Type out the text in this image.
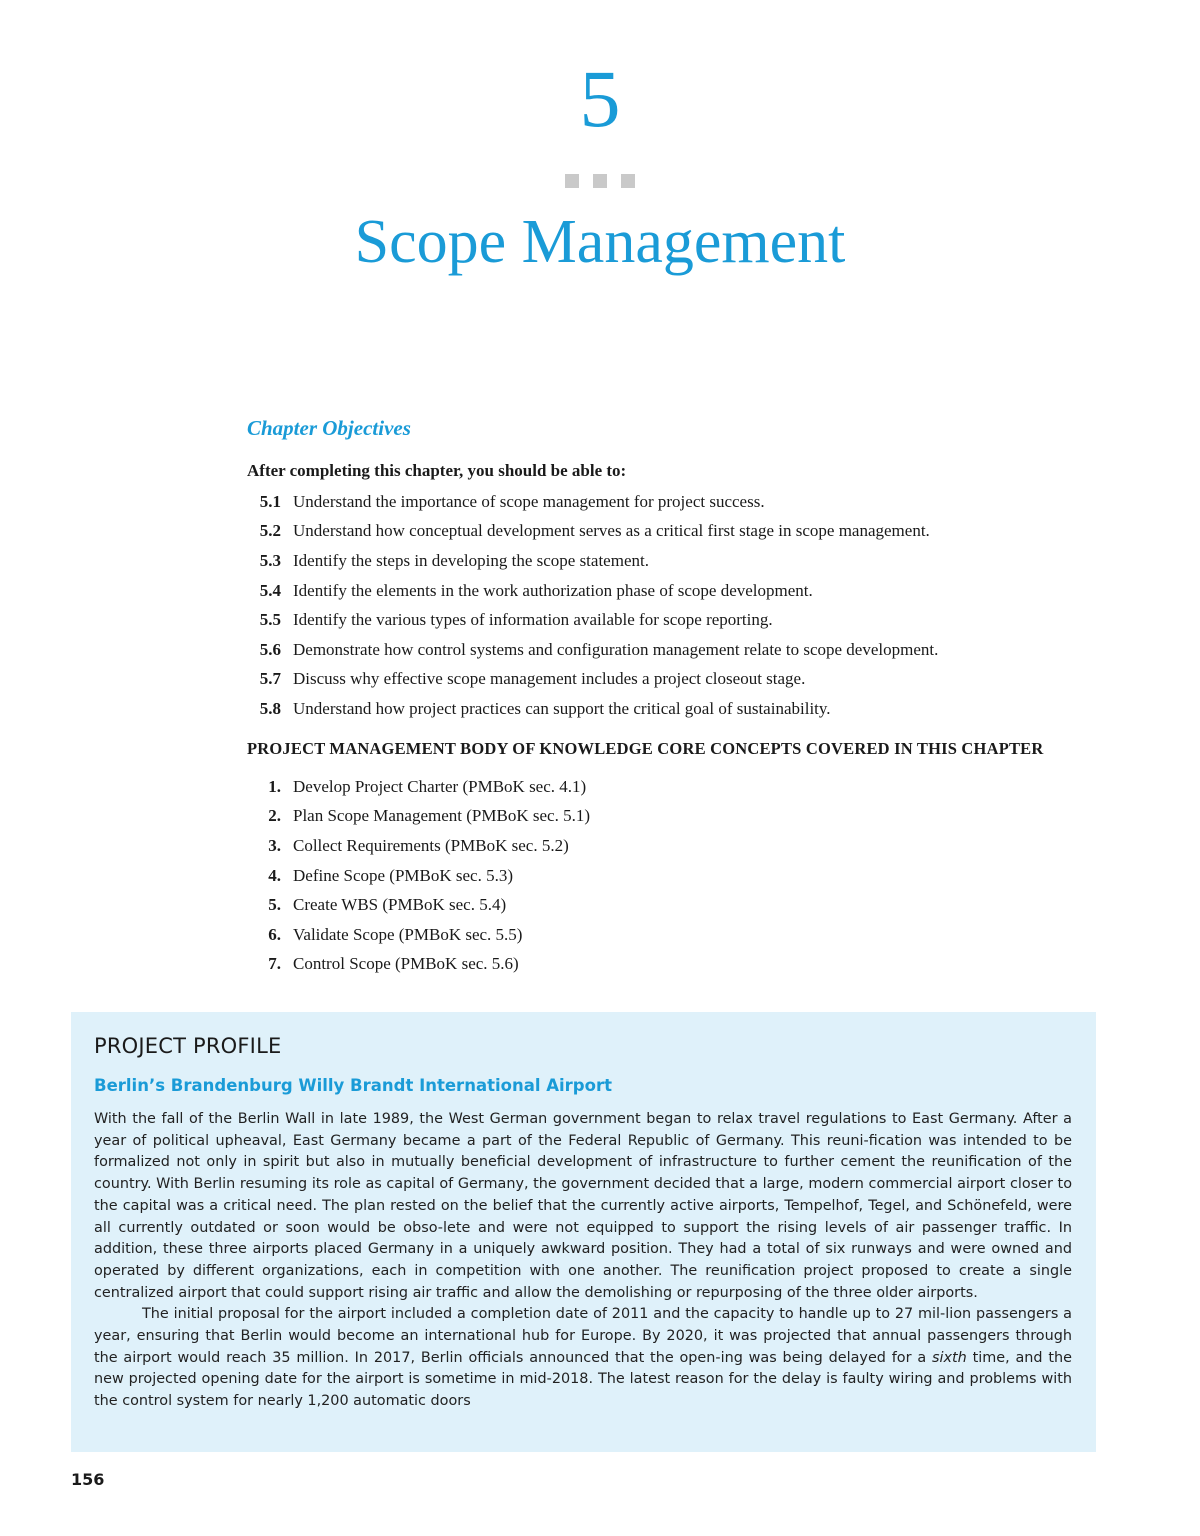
5
Scope Management
Chapter Objectives
After completing this chapter, you should be able to:
5.1 Understand the importance of scope management for project success.
5.2 Understand how conceptual development serves as a critical first stage in scope management.
5.3 Identify the steps in developing the scope statement.
5.4 Identify the elements in the work authorization phase of scope development.
5.5 Identify the various types of information available for scope reporting.
5.6 Demonstrate how control systems and configuration management relate to scope development.
5.7 Discuss why effective scope management includes a project closeout stage.
5.8 Understand how project practices can support the critical goal of sustainability.
PROJECT MANAGEMENT BODY OF KNOWLEDGE CORE CONCEPTS COVERED IN THIS CHAPTER
1. Develop Project Charter (PMBoK sec. 4.1)
2. Plan Scope Management (PMBoK sec. 5.1)
3. Collect Requirements (PMBoK sec. 5.2)
4. Define Scope (PMBoK sec. 5.3)
5. Create WBS (PMBoK sec. 5.4)
6. Validate Scope (PMBoK sec. 5.5)
7. Control Scope (PMBoK sec. 5.6)
PROJECT PROFILE
Berlin’s Brandenburg Willy Brandt International Airport

With the fall of the Berlin Wall in late 1989, the West German government began to relax travel regulations to East Germany. After a year of political upheaval, East Germany became a part of the Federal Republic of Germany. This reuni-fication was intended to be formalized not only in spirit but also in mutually beneficial development of infrastructure to further cement the reunification of the country. With Berlin resuming its role as capital of Germany, the government decided that a large, modern commercial airport closer to the capital was a critical need. The plan rested on the belief that the currently active airports, Tempelhof, Tegel, and Schönefeld, were all currently outdated or soon would be obso-lete and were not equipped to support the rising levels of air passenger traffic. In addition, these three airports placed Germany in a uniquely awkward position. They had a total of six runways and were owned and operated by different organizations, each in competition with one another. The reunification project proposed to create a single centralized airport that could support rising air traffic and allow the demolishing or repurposing of the three older airports.

The initial proposal for the airport included a completion date of 2011 and the capacity to handle up to 27 mil-lion passengers a year, ensuring that Berlin would become an international hub for Europe. By 2020, it was projected that annual passengers through the airport would reach 35 million. In 2017, Berlin officials announced that the open-ing was being delayed for a sixth time, and the new projected opening date for the airport is sometime in mid-2018. The latest reason for the delay is faulty wiring and problems with the control system for nearly 1,200 automatic doors

156
